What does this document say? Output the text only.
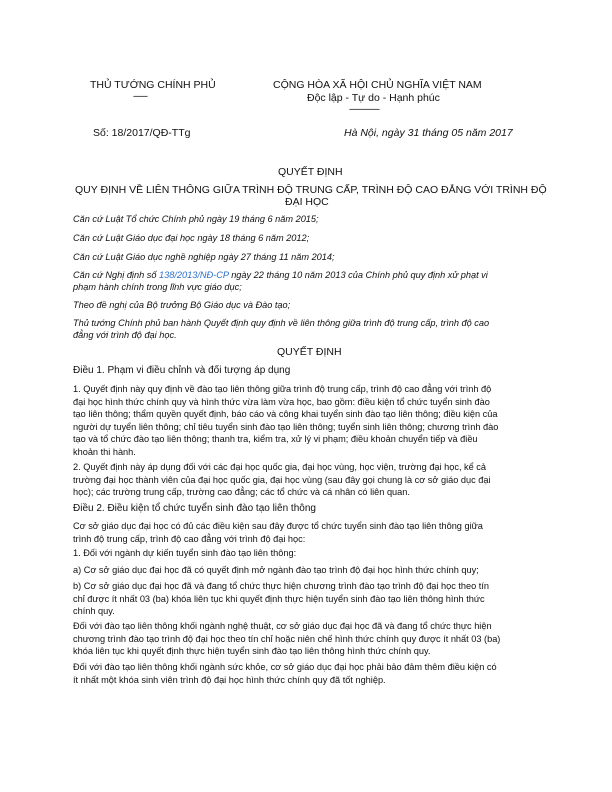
THỦ TƯỚNG CHÍNH PHỦ
-------
CỘNG HÒA XÃ HỘI CHỦ NGHĨA VIỆT NAM
Độc lập - Tự do - Hạnh phúc
---------------
Số: 18/2017/QĐ-TTg	Hà Nội, ngày 31 tháng 05 năm 2017
QUYẾT ĐỊNH
QUY ĐỊNH VỀ LIÊN THÔNG GIỮA TRÌNH ĐỘ TRUNG CẤP, TRÌNH ĐỘ CAO ĐẲNG VỚI TRÌNH ĐỘ
ĐẠI HỌC
Căn cứ Luật Tổ chức Chính phủ ngày 19 tháng 6 năm 2015;
Căn cứ Luật Giáo dục đại học ngày 18 tháng 6 năm 2012;
Căn cứ Luật Giáo dục nghề nghiệp ngày 27 tháng 11 năm 2014;
Căn cứ Nghị định số 138/2013/NĐ-CP ngày 22 tháng 10 năm 2013 của Chính phủ quy định xử phạt vi
phạm hành chính trong lĩnh vực giáo dục;
Theo đề nghị của Bộ trưởng Bộ Giáo dục và Đào tạo;
Thủ tướng Chính phủ ban hành Quyết định quy định về liên thông giữa trình độ trung cấp, trình độ cao
đẳng với trình độ đại học.
QUYẾT ĐỊNH
Điều 1. Phạm vi điều chỉnh và đối tượng áp dụng
1. Quyết định này quy định về đào tạo liên thông giữa trình độ trung cấp, trình độ cao đẳng với trình độ
đại học hình thức chính quy và hình thức vừa làm vừa học, bao gồm: điều kiện tổ chức tuyển sinh đào
tạo liên thông; thẩm quyền quyết định, báo cáo và công khai tuyển sinh đào tạo liên thông; điều kiện của
người dự tuyển liên thông; chỉ tiêu tuyển sinh đào tạo liên thông; tuyển sinh liên thông; chương trình đào
tạo và tổ chức đào tạo liên thông; thanh tra, kiểm tra, xử lý vi phạm; điều khoản chuyển tiếp và điều
khoản thi hành.
2. Quyết định này áp dụng đối với các đại học quốc gia, đại học vùng, học viện, trường đại học, kể cả
trường đại học thành viên của đại học quốc gia, đại học vùng (sau đây gọi chung là cơ sở giáo dục đại
học); các trường trung cấp, trường cao đẳng; các tổ chức và cá nhân có liên quan.
Điều 2. Điều kiện tổ chức tuyển sinh đào tạo liên thông
Cơ sở giáo dục đại học có đủ các điều kiện sau đây được tổ chức tuyển sinh đào tạo liên thông giữa
trình độ trung cấp, trình độ cao đẳng với trình độ đại học:
1. Đối với ngành dự kiến tuyển sinh đào tạo liên thông:
a) Cơ sở giáo dục đại học đã có quyết định mở ngành đào tạo trình độ đại học hình thức chính quy;
b) Cơ sở giáo dục đại học đã và đang tổ chức thực hiện chương trình đào tạo trình độ đại học theo tín
chỉ được ít nhất 03 (ba) khóa liên tục khi quyết định thực hiện tuyển sinh đào tạo liên thông hình thức
chính quy.
Đối với đào tạo liên thông khối ngành nghệ thuật, cơ sở giáo dục đại học đã và đang tổ chức thực hiện
chương trình đào tạo trình độ đại học theo tín chỉ hoặc niên chế hình thức chính quy được ít nhất 03 (ba)
khóa liên tục khi quyết định thực hiện tuyển sinh đào tạo liên thông hình thức chính quy.
Đối với đào tạo liên thông khối ngành sức khỏe, cơ sở giáo dục đại học phải bảo đảm thêm điều kiện có
ít nhất một khóa sinh viên trình độ đại học hình thức chính quy đã tốt nghiệp.
